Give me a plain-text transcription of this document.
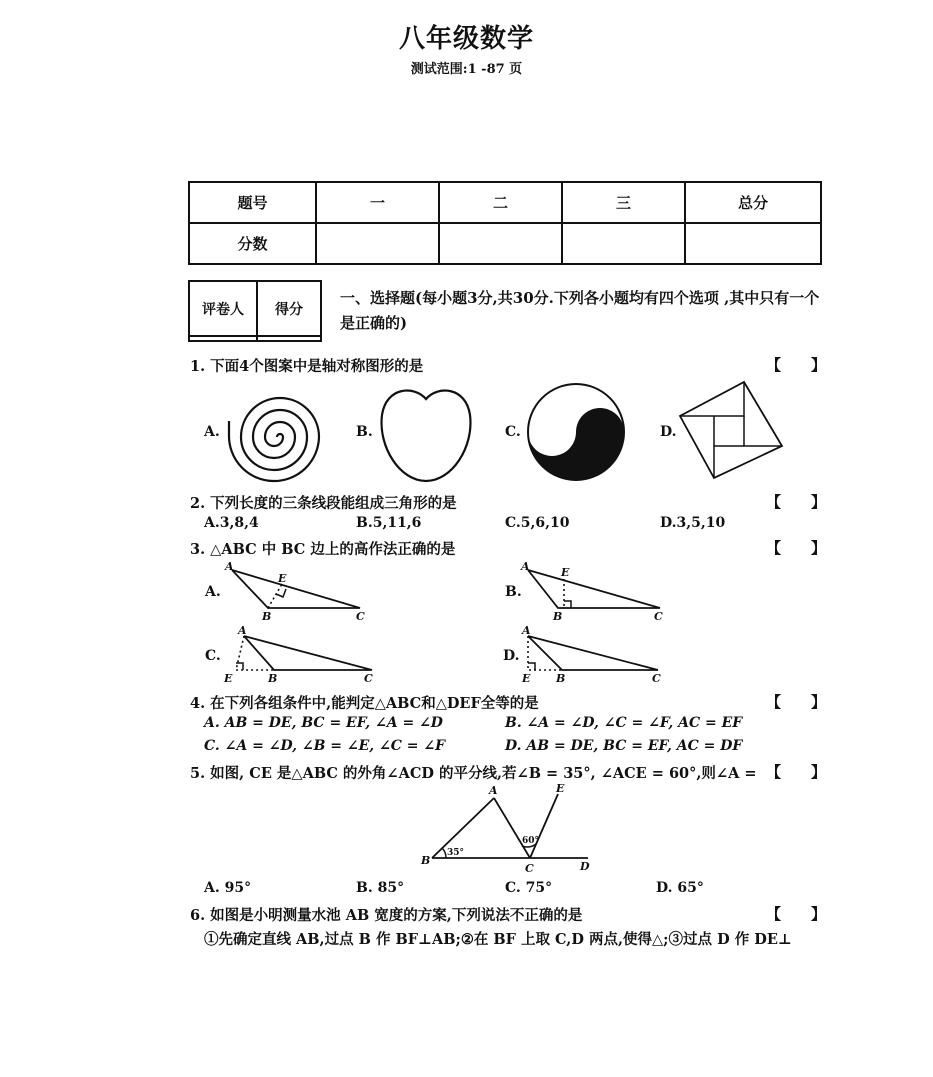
八年级数学
测试范围:1 -87 页
题号	一	二	三	总分
分数				
评卷人	得分

一、选择题(每小题3分,共30分.下列各小题均有四个选项 ,其中只有一个是正确的)
1. 下面4个图案中是轴对称图形的是	【　　】
A.	B.	C.	D.
2. 下列长度的三条线段能组成三角形的是	【　　】
A.3,8,4	B.5,11,6	C.5,6,10	D.3,5,10
3. △ABC 中 BC 边上的高作法正确的是	【　　】
A.
A
E
B	C
B.
A	E
B	C
C.
A
E	B	C
D.
A
E B	C
4. 在下列各组条件中,能判定△ABC和△DEF全等的是	【　　】
A. AB = DE, BC = EF, ∠A = ∠D	B. ∠A = ∠D, ∠C = ∠F, AC = EF
C. ∠A = ∠D, ∠B = ∠E, ∠C = ∠F	D. AB = DE, BC = EF, AC = DF
5. 如图, CE 是△ABC 的外角∠ACD 的平分线,若∠B = 35°, ∠ACE = 60°,则∠A = 【　　】
A
B
C	D
E
35°
60°
A. 95°	B. 85°	C. 75°	D. 65°
6. 如图是小明测量水池 AB 宽度的方案,下列说法不正确的是	【　　】
①先确定直线 AB,过点 B 作 BF⊥AB;②在 BF 上取 C,D 两点,使得△;③过点 D 作 DE⊥
